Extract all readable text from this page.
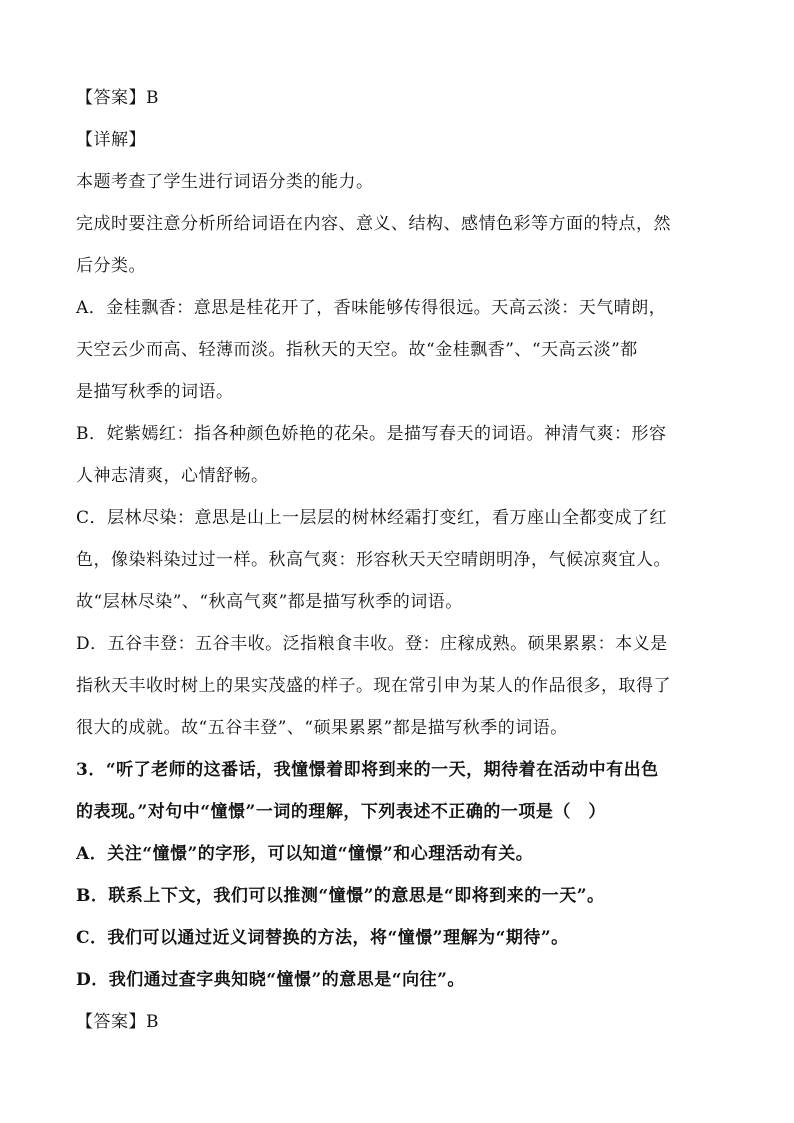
【答案】B
【详解】
本题考查了学生进行词语分类的能力。
完成时要注意分析所给词语在内容、意义、结构、感情色彩等方面的特点，然
后分类。
A．金桂飘香：意思是桂花开了，香味能够传得很远。天高云淡：天气晴朗，
天空云少而高、轻薄而淡。指秋天的天空。故“金桂飘香”、“天高云淡”都
是描写秋季的词语。
B．姹紫嫣红：指各种颜色娇艳的花朵。是描写春天的词语。神清气爽：形容
人神志清爽，心情舒畅。
C．层林尽染：意思是山上一层层的树林经霜打变红，看万座山全都变成了红
色，像染料染过过一样。秋高气爽：形容秋天天空晴朗明净，气候凉爽宜人。
故“层林尽染”、“秋高气爽”都是描写秋季的词语。
D．五谷丰登：五谷丰收。泛指粮食丰收。登：庄稼成熟。硕果累累：本义是
指秋天丰收时树上的果实茂盛的样子。现在常引申为某人的作品很多，取得了
很大的成就。故“五谷丰登”、“硕果累累”都是描写秋季的词语。
3．“听了老师的这番话，我憧憬着即将到来的一天，期待着在活动中有出色
的表现。”对句中“憧憬”一词的理解，下列表述不正确的一项是（　）
A．关注“憧憬”的字形，可以知道“憧憬”和心理活动有关。
B．联系上下文，我们可以推测“憧憬”的意思是“即将到来的一天”。
C．我们可以通过近义词替换的方法，将“憧憬”理解为“期待”。
D．我们通过查字典知晓“憧憬”的意思是“向往”。
【答案】B
